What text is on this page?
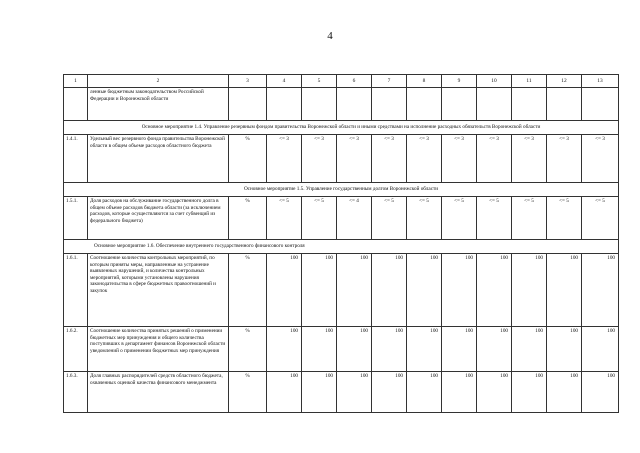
4
1	2	3	4	5	6	7	8	9	10	11	12	13
	ленные бюджетным законодательством Российской Федерации и Воронежской области											
Основное мероприятие 1.4. Управление резервным фондом правительства Воронежской области и иными средствами на исполнение расходных обязательств Воронежской области												
1.4.1.	Удельный вес резервного фонда правительства Воронежской области в общем объеме расходов областного бюджета	%	<= 3	<= 3	<= 3	<= 3	<= 3	<= 3	<= 3	<= 3	<= 3	<= 3
Основное мероприятие 1.5. Управление государственным долгом Воронежской области												
1.5.1.	Доля расходов на обслуживание государственного долга в общем объеме расходов бюджета области (за исключением расходов, которые осуществляются за счет субвенций из федерального бюджета)	%	<= 5	<= 5	<= 4	<= 5	<= 5	<= 5	<= 5	<= 5	<= 5	<= 5
Основное мероприятие 1.6. Обеспечение внутреннего государственного финансового контроля												
1.6.1.	Соотношение количества контрольных мероприятий, по которым приняты меры, направленные на устранение выявленных нарушений, и количества контрольных мероприятий, которыми установлены нарушения законодательства в сфере бюджетных правоотношений и закупок	%	100	100	100	100	100	100	100	100	100	100
1.6.2.	Соотношение количества принятых решений о применении бюджетных мер принуждения и общего количества поступивших в департамент финансов Воронежской области уведомлений о применении бюджетных мер принуждения	%	100	100	100	100	100	100	100	100	100	100
1.6.3.	Доля главных распорядителей средств областного бюджета, охваченных оценкой качества финансового менеджмента	%	100	100	100	100	100	100	100	100	100	100
